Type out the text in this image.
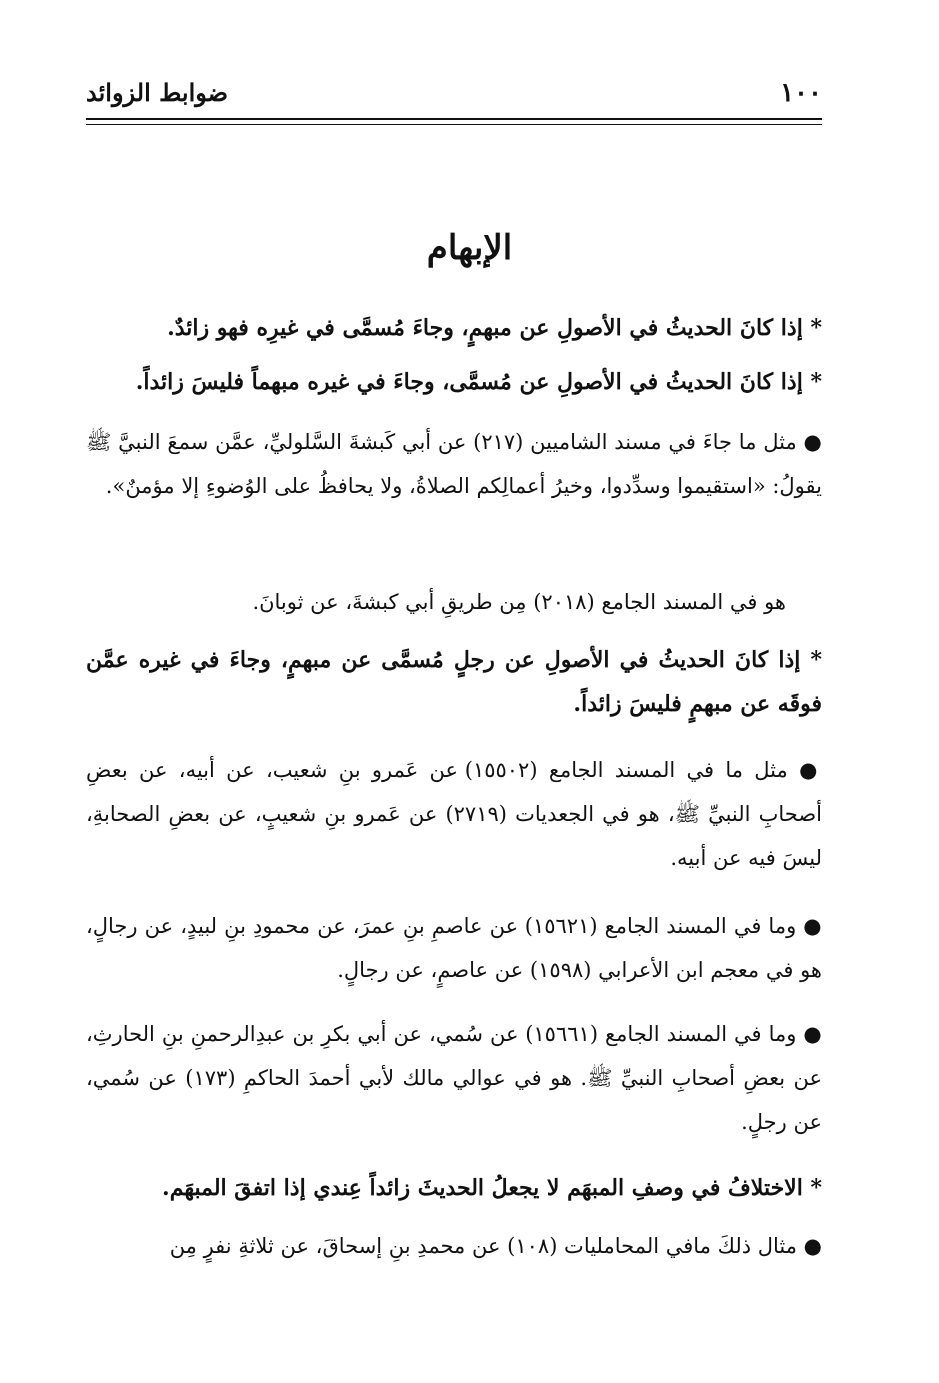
ضوابط الزوائد	١٠٠
الإبهام

* إذا كانَ الحديثُ في الأصولِ عن مبهمٍ، وجاءَ مُسمَّى في غيرِه فهو زائدٌ.

* إذا كانَ الحديثُ في الأصولِ عن مُسمَّى، وجاءَ في غيره مبهماً فليسَ زائداً.

● مثل ما جاءَ في مسند الشاميين (٢١٧) عن أبي كَبشةَ السَّلوليِّ، عمَّن سمعَ النبيَّ ﷺ يقولُ: «استقيموا وسدِّدوا، وخيرُ أعمالِكم الصلاةُ، ولا يحافظُ على الوُضوءِ إلا مؤمنٌ».

هو في المسند الجامع (٢٠١٨) مِن طريقِ أبي كبشةَ، عن ثوبانَ.

* إذا كانَ الحديثُ في الأصولِ عن رجلٍ مُسمَّى عن مبهمٍ، وجاءَ في غيره عمَّن فوقَه عن مبهمٍ فليسَ زائداً.

● مثل ما في المسند الجامع (١٥٥٠٢) عن عَمرو بنِ شعيب، عن أبيه، عن بعضِ أصحابِ النبيِّ ﷺ، هو في الجعديات (٢٧١٩) عن عَمرو بنِ شعيبٍ، عن بعضِ الصحابةِ، ليسَ فيه عن أبيه.

● وما في المسند الجامع (١٥٦٢١) عن عاصمِ بنِ عمرَ، عن محمودِ بنِ لبيدٍ، عن رجالٍ، هو في معجم ابن الأعرابي (١٥٩٨) عن عاصمٍ، عن رجالٍ.

● وما في المسند الجامع (١٥٦٦١) عن سُمي، عن أبي بكرِ بن عبدِالرحمنِ بنِ الحارثِ، عن بعضِ أصحابِ النبيِّ ﷺ. هو في عوالي مالك لأبي أحمدَ الحاكمِ (١٧٣) عن سُمي، عن رجلٍ.

* الاختلافُ في وصفِ المبهَم لا يجعلُ الحديثَ زائداً عِندي إذا اتفقَ المبهَم.

● مثال ذلكَ مافي المحامليات (١٠٨) عن محمدِ بنِ إسحاقَ، عن ثلاثةِ نفرٍ مِن
